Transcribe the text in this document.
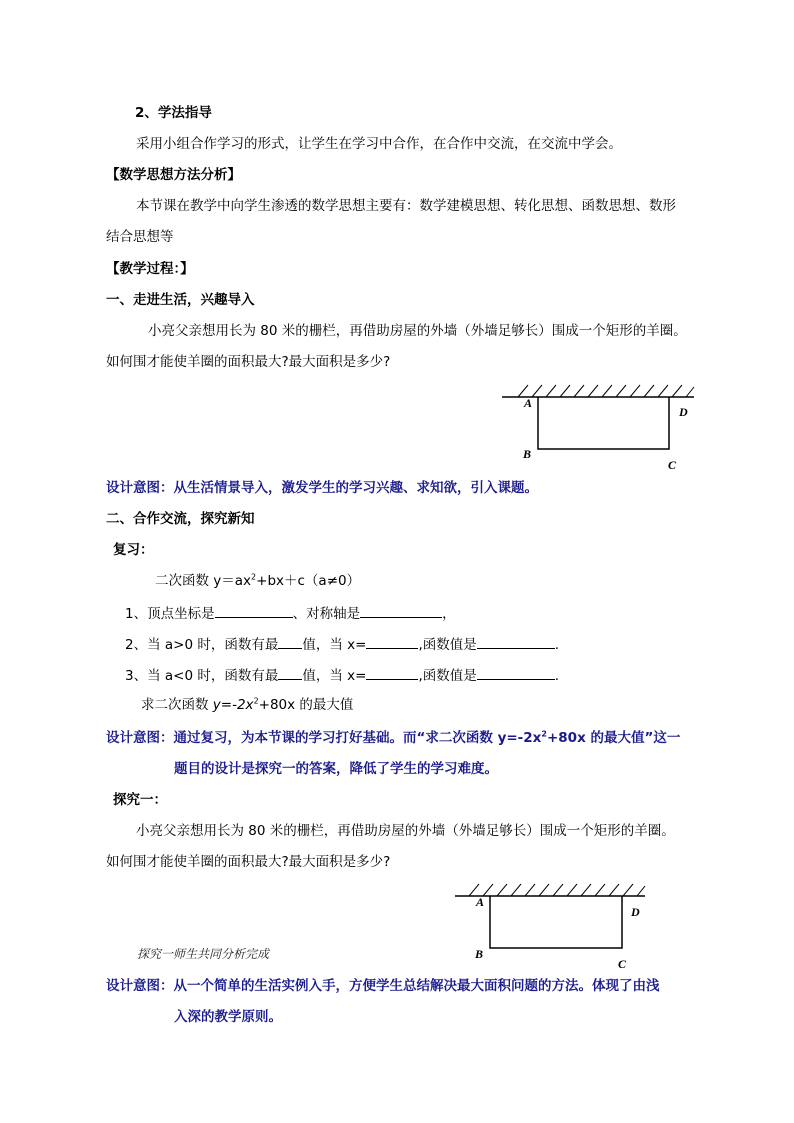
2、学法指导
采用小组合作学习的形式，让学生在学习中合作，在合作中交流，在交流中学会。
【数学思想方法分析】
本节课在教学中向学生渗透的数学思想主要有：数学建模思想、转化思想、函数思想、数形
结合思想等
【教学过程：】
一、走进生活，兴趣导入
小亮父亲想用长为 80 米的栅栏，再借助房屋的外墙（外墙足够长）围成一个矩形的羊圈。
如何围才能使羊圈的面积最大?最大面积是多少?
A
D
B
C
设计意图：从生活情景导入，激发学生的学习兴趣、求知欲，引入课题。
二、合作交流，探究新知
复习：
二次函数 $y=ax^2+bx+c(a\ne 0)$
1、顶点坐标是	、对称轴是	，
2、当 a>0 时，函数有最 值，当 x=	,函数值是	.
3、当 a<0 时，函数有最 值，当 x=	,函数值是	.
求二次函数 $y=-2x^2+80x$ 的最大值
设计意图：通过复习，为本节课的学习打好基础。而“求二次函数 $y=-2x^2+80x$ 的最大值”这一
题目的设计是探究一的答案，降低了学生的学习难度。
探究一：
小亮父亲想用长为 80 米的栅栏，再借助房屋的外墙（外墙足够长）围成一个矩形的羊圈。
如何围才能使羊圈的面积最大?最大面积是多少?
A
D
B
C
探究一师生共同分析完成
设计意图：从一个简单的生活实例入手，方便学生总结解决最大面积问题的方法。体现了由浅
入深的教学原则。
